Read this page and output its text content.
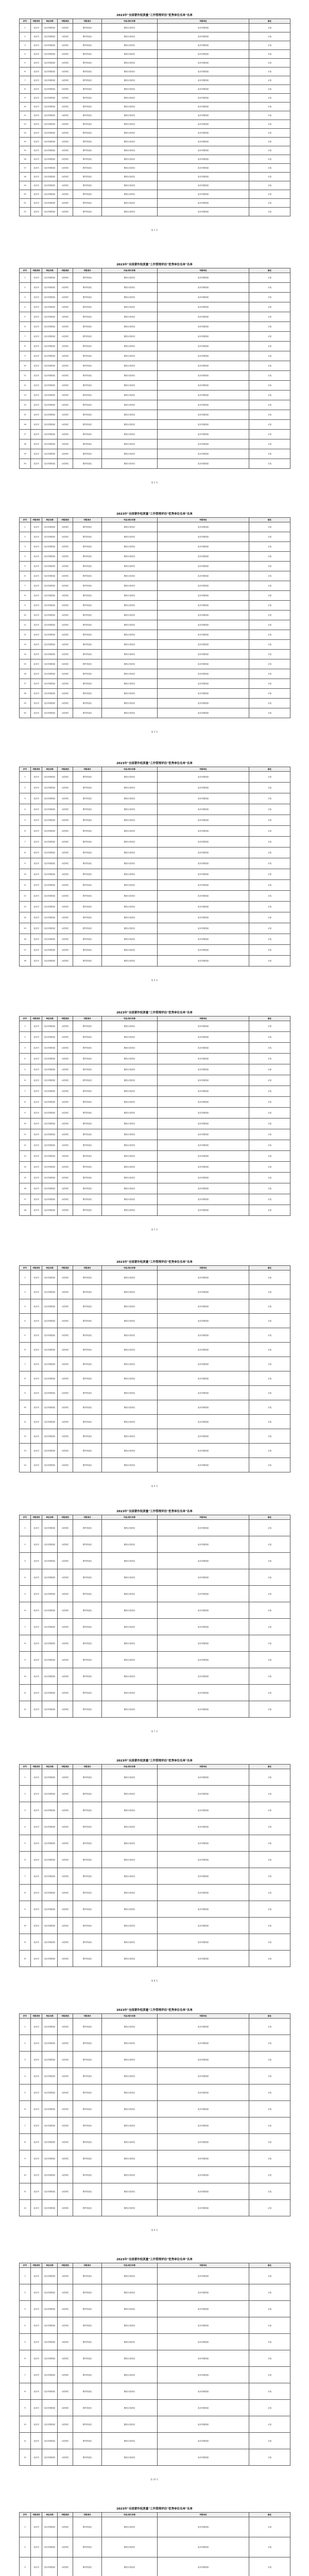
2023年"全国著作权质量"工作管理评估"优秀单位名单"名单
序号	申报省份	单位名称	申报类别	申报项目	作品/项目名称	申报单位	备注
1	北京市	北京市版权局	示范单位	著作权登记	版权示范项目	北京市版权局	示范
2	北京市	北京市版权局	示范单位	著作权登记	版权示范项目	北京市版权局	示范
3	北京市	北京市版权局	示范单位	著作权登记	版权示范项目	北京市版权局	示范
4	北京市	北京市版权局	示范单位	著作权登记	版权示范项目	北京市版权局	示范
5	北京市	北京市版权局	示范单位	著作权登记	版权示范项目	北京市版权局	示范
6	北京市	北京市版权局	示范单位	著作权登记	版权示范项目	北京市版权局	示范
7	北京市	北京市版权局	示范单位	著作权登记	版权示范项目	北京市版权局	示范
8	北京市	北京市版权局	示范单位	著作权登记	版权示范项目	北京市版权局	示范
9	北京市	北京市版权局	示范单位	著作权登记	版权示范项目	北京市版权局	示范
10	北京市	北京市版权局	示范单位	著作权登记	版权示范项目	北京市版权局	示范
11	北京市	北京市版权局	示范单位	著作权登记	版权示范项目	北京市版权局	示范
12	北京市	北京市版权局	示范单位	著作权登记	版权示范项目	北京市版权局	示范
13	北京市	北京市版权局	示范单位	著作权登记	版权示范项目	北京市版权局	示范
14	北京市	北京市版权局	示范单位	著作权登记	版权示范项目	北京市版权局	示范
15	北京市	北京市版权局	示范单位	著作权登记	版权示范项目	北京市版权局	示范
16	北京市	北京市版权局	示范单位	著作权登记	版权示范项目	北京市版权局	示范
17	北京市	北京市版权局	示范单位	著作权登记	版权示范项目	北京市版权局	示范
18	北京市	北京市版权局	示范单位	著作权登记	版权示范项目	北京市版权局	示范
19	北京市	北京市版权局	示范单位	著作权登记	版权示范项目	北京市版权局	示范
20	北京市	北京市版权局	示范单位	著作权登记	版权示范项目	北京市版权局	示范
21	北京市	北京市版权局	示范单位	著作权登记	版权示范项目	北京市版权局	示范
22	北京市	北京市版权局	示范单位	著作权登记	版权示范项目	北京市版权局	示范
第 1 页
2023年"全国著作权质量"工作管理评估"优秀单位名单"名单
序号	申报省份	单位名称	申报类别	申报项目	作品/项目名称	申报单位	备注
1	北京市	北京市版权局	示范单位	著作权登记	版权示范项目	北京市版权局	示范
2	北京市	北京市版权局	示范单位	著作权登记	版权示范项目	北京市版权局	示范
3	北京市	北京市版权局	示范单位	著作权登记	版权示范项目	北京市版权局	示范
4	北京市	北京市版权局	示范单位	著作权登记	版权示范项目	北京市版权局	示范
5	北京市	北京市版权局	示范单位	著作权登记	版权示范项目	北京市版权局	示范
6	北京市	北京市版权局	示范单位	著作权登记	版权示范项目	北京市版权局	示范
7	北京市	北京市版权局	示范单位	著作权登记	版权示范项目	北京市版权局	示范
8	北京市	北京市版权局	示范单位	著作权登记	版权示范项目	北京市版权局	示范
9	北京市	北京市版权局	示范单位	著作权登记	版权示范项目	北京市版权局	示范
10	北京市	北京市版权局	示范单位	著作权登记	版权示范项目	北京市版权局	示范
11	北京市	北京市版权局	示范单位	著作权登记	版权示范项目	北京市版权局	示范
12	北京市	北京市版权局	示范单位	著作权登记	版权示范项目	北京市版权局	示范
13	北京市	北京市版权局	示范单位	著作权登记	版权示范项目	北京市版权局	示范
14	北京市	北京市版权局	示范单位	著作权登记	版权示范项目	北京市版权局	示范
15	北京市	北京市版权局	示范单位	著作权登记	版权示范项目	北京市版权局	示范
16	北京市	北京市版权局	示范单位	著作权登记	版权示范项目	北京市版权局	示范
17	北京市	北京市版权局	示范单位	著作权登记	版权示范项目	北京市版权局	示范
18	北京市	北京市版权局	示范单位	著作权登记	版权示范项目	北京市版权局	示范
19	北京市	北京市版权局	示范单位	著作权登记	版权示范项目	北京市版权局	示范
20	北京市	北京市版权局	示范单位	著作权登记	版权示范项目	北京市版权局	示范
第 2 页
2023年"全国著作权质量"工作管理评估"优秀单位名单"名单
序号	申报省份	单位名称	申报类别	申报项目	作品/项目名称	申报单位	备注
1	北京市	北京市版权局	示范单位	著作权登记	版权示范项目	北京市版权局	示范
2	北京市	北京市版权局	示范单位	著作权登记	版权示范项目	北京市版权局	示范
3	北京市	北京市版权局	示范单位	著作权登记	版权示范项目	北京市版权局	示范
4	北京市	北京市版权局	示范单位	著作权登记	版权示范项目	北京市版权局	示范
5	北京市	北京市版权局	示范单位	著作权登记	版权示范项目	北京市版权局	示范
6	北京市	北京市版权局	示范单位	著作权登记	版权示范项目	北京市版权局	示范
7	北京市	北京市版权局	示范单位	著作权登记	版权示范项目	北京市版权局	示范
8	北京市	北京市版权局	示范单位	著作权登记	版权示范项目	北京市版权局	示范
9	北京市	北京市版权局	示范单位	著作权登记	版权示范项目	北京市版权局	示范
10	北京市	北京市版权局	示范单位	著作权登记	版权示范项目	北京市版权局	示范
11	北京市	北京市版权局	示范单位	著作权登记	版权示范项目	北京市版权局	示范
12	北京市	北京市版权局	示范单位	著作权登记	版权示范项目	北京市版权局	示范
13	北京市	北京市版权局	示范单位	著作权登记	版权示范项目	北京市版权局	示范
14	北京市	北京市版权局	示范单位	著作权登记	版权示范项目	北京市版权局	示范
15	北京市	北京市版权局	示范单位	著作权登记	版权示范项目	北京市版权局	示范
16	北京市	北京市版权局	示范单位	著作权登记	版权示范项目	北京市版权局	示范
17	北京市	北京市版权局	示范单位	著作权登记	版权示范项目	北京市版权局	示范
18	北京市	北京市版权局	示范单位	著作权登记	版权示范项目	北京市版权局	示范
19	北京市	北京市版权局	示范单位	著作权登记	版权示范项目	北京市版权局	示范
20	北京市	北京市版权局	示范单位	著作权登记	版权示范项目	北京市版权局	示范
第 3 页
2023年"全国著作权质量"工作管理评估"优秀单位名单"名单
序号	申报省份	单位名称	申报类别	申报项目	作品/项目名称	申报单位	备注
1	北京市	北京市版权局	示范单位	著作权登记	版权示范项目	北京市版权局	示范
2	北京市	北京市版权局	示范单位	著作权登记	版权示范项目	北京市版权局	示范
3	北京市	北京市版权局	示范单位	著作权登记	版权示范项目	北京市版权局	示范
4	北京市	北京市版权局	示范单位	著作权登记	版权示范项目	北京市版权局	示范
5	北京市	北京市版权局	示范单位	著作权登记	版权示范项目	北京市版权局	示范
6	北京市	北京市版权局	示范单位	著作权登记	版权示范项目	北京市版权局	示范
7	北京市	北京市版权局	示范单位	著作权登记	版权示范项目	北京市版权局	示范
8	北京市	北京市版权局	示范单位	著作权登记	版权示范项目	北京市版权局	示范
9	北京市	北京市版权局	示范单位	著作权登记	版权示范项目	北京市版权局	示范
10	北京市	北京市版权局	示范单位	著作权登记	版权示范项目	北京市版权局	示范
11	北京市	北京市版权局	示范单位	著作权登记	版权示范项目	北京市版权局	示范
12	北京市	北京市版权局	示范单位	著作权登记	版权示范项目	北京市版权局	示范
13	北京市	北京市版权局	示范单位	著作权登记	版权示范项目	北京市版权局	示范
14	北京市	北京市版权局	示范单位	著作权登记	版权示范项目	北京市版权局	示范
15	北京市	北京市版权局	示范单位	著作权登记	版权示范项目	北京市版权局	示范
16	北京市	北京市版权局	示范单位	著作权登记	版权示范项目	北京市版权局	示范
17	北京市	北京市版权局	示范单位	著作权登记	版权示范项目	北京市版权局	示范
18	北京市	北京市版权局	示范单位	著作权登记	版权示范项目	北京市版权局	示范
第 4 页
2023年"全国著作权质量"工作管理评估"优秀单位名单"名单
序号	申报省份	单位名称	申报类别	申报项目	作品/项目名称	申报单位	备注
1	北京市	北京市版权局	示范单位	著作权登记	版权示范项目	北京市版权局	示范
2	北京市	北京市版权局	示范单位	著作权登记	版权示范项目	北京市版权局	示范
3	北京市	北京市版权局	示范单位	著作权登记	版权示范项目	北京市版权局	示范
4	北京市	北京市版权局	示范单位	著作权登记	版权示范项目	北京市版权局	示范
5	北京市	北京市版权局	示范单位	著作权登记	版权示范项目	北京市版权局	示范
6	北京市	北京市版权局	示范单位	著作权登记	版权示范项目	北京市版权局	示范
7	北京市	北京市版权局	示范单位	著作权登记	版权示范项目	北京市版权局	示范
8	北京市	北京市版权局	示范单位	著作权登记	版权示范项目	北京市版权局	示范
9	北京市	北京市版权局	示范单位	著作权登记	版权示范项目	北京市版权局	示范
10	北京市	北京市版权局	示范单位	著作权登记	版权示范项目	北京市版权局	示范
11	北京市	北京市版权局	示范单位	著作权登记	版权示范项目	北京市版权局	示范
12	北京市	北京市版权局	示范单位	著作权登记	版权示范项目	北京市版权局	示范
13	北京市	北京市版权局	示范单位	著作权登记	版权示范项目	北京市版权局	示范
14	北京市	北京市版权局	示范单位	著作权登记	版权示范项目	北京市版权局	示范
15	北京市	北京市版权局	示范单位	著作权登记	版权示范项目	北京市版权局	示范
16	北京市	北京市版权局	示范单位	著作权登记	版权示范项目	北京市版权局	示范
17	北京市	北京市版权局	示范单位	著作权登记	版权示范项目	北京市版权局	示范
18	北京市	北京市版权局	示范单位	著作权登记	版权示范项目	北京市版权局	示范
第 5 页
2023年"全国著作权质量"工作管理评估"优秀单位名单"名单
序号	申报省份	单位名称	申报类别	申报项目	作品/项目名称	申报单位	备注
1	北京市	北京市版权局	示范单位	著作权登记	版权示范项目	北京市版权局	示范
2	北京市	北京市版权局	示范单位	著作权登记	版权示范项目	北京市版权局	示范
3	北京市	北京市版权局	示范单位	著作权登记	版权示范项目	北京市版权局	示范
4	北京市	北京市版权局	示范单位	著作权登记	版权示范项目	北京市版权局	示范
5	北京市	北京市版权局	示范单位	著作权登记	版权示范项目	北京市版权局	示范
6	北京市	北京市版权局	示范单位	著作权登记	版权示范项目	北京市版权局	示范
7	北京市	北京市版权局	示范单位	著作权登记	版权示范项目	北京市版权局	示范
8	北京市	北京市版权局	示范单位	著作权登记	版权示范项目	北京市版权局	示范
9	北京市	北京市版权局	示范单位	著作权登记	版权示范项目	北京市版权局	示范
10	北京市	北京市版权局	示范单位	著作权登记	版权示范项目	北京市版权局	示范
11	北京市	北京市版权局	示范单位	著作权登记	版权示范项目	北京市版权局	示范
12	北京市	北京市版权局	示范单位	著作权登记	版权示范项目	北京市版权局	示范
13	北京市	北京市版权局	示范单位	著作权登记	版权示范项目	北京市版权局	示范
14	北京市	北京市版权局	示范单位	著作权登记	版权示范项目	北京市版权局	示范
第 6 页
2023年"全国著作权质量"工作管理评估"优秀单位名单"名单
序号	申报省份	单位名称	申报类别	申报项目	作品/项目名称	申报单位	备注
1	北京市	北京市版权局	示范单位	著作权登记	版权示范项目	北京市版权局	示范
2	北京市	北京市版权局	示范单位	著作权登记	版权示范项目	北京市版权局	示范
3	北京市	北京市版权局	示范单位	著作权登记	版权示范项目	北京市版权局	示范
4	北京市	北京市版权局	示范单位	著作权登记	版权示范项目	北京市版权局	示范
5	北京市	北京市版权局	示范单位	著作权登记	版权示范项目	北京市版权局	示范
6	北京市	北京市版权局	示范单位	著作权登记	版权示范项目	北京市版权局	示范
7	北京市	北京市版权局	示范单位	著作权登记	版权示范项目	北京市版权局	示范
8	北京市	北京市版权局	示范单位	著作权登记	版权示范项目	北京市版权局	示范
9	北京市	北京市版权局	示范单位	著作权登记	版权示范项目	北京市版权局	示范
10	北京市	北京市版权局	示范单位	著作权登记	版权示范项目	北京市版权局	示范
11	北京市	北京市版权局	示范单位	著作权登记	版权示范项目	北京市版权局	示范
12	北京市	北京市版权局	示范单位	著作权登记	版权示范项目	北京市版权局	示范
第 7 页
2023年"全国著作权质量"工作管理评估"优秀单位名单"名单
序号	申报省份	单位名称	申报类别	申报项目	作品/项目名称	申报单位	备注
1	北京市	北京市版权局	示范单位	著作权登记	版权示范项目	北京市版权局	示范
2	北京市	北京市版权局	示范单位	著作权登记	版权示范项目	北京市版权局	示范
3	北京市	北京市版权局	示范单位	著作权登记	版权示范项目	北京市版权局	示范
4	北京市	北京市版权局	示范单位	著作权登记	版权示范项目	北京市版权局	示范
5	北京市	北京市版权局	示范单位	著作权登记	版权示范项目	北京市版权局	示范
6	北京市	北京市版权局	示范单位	著作权登记	版权示范项目	北京市版权局	示范
7	北京市	北京市版权局	示范单位	著作权登记	版权示范项目	北京市版权局	示范
8	北京市	北京市版权局	示范单位	著作权登记	版权示范项目	北京市版权局	示范
9	北京市	北京市版权局	示范单位	著作权登记	版权示范项目	北京市版权局	示范
10	北京市	北京市版权局	示范单位	著作权登记	版权示范项目	北京市版权局	示范
11	北京市	北京市版权局	示范单位	著作权登记	版权示范项目	北京市版权局	示范
12	北京市	北京市版权局	示范单位	著作权登记	版权示范项目	北京市版权局	示范
第 8 页
2023年"全国著作权质量"工作管理评估"优秀单位名单"名单
序号	申报省份	单位名称	申报类别	申报项目	作品/项目名称	申报单位	备注
1	北京市	北京市版权局	示范单位	著作权登记	版权示范项目	北京市版权局	示范
2	北京市	北京市版权局	示范单位	著作权登记	版权示范项目	北京市版权局	示范
3	北京市	北京市版权局	示范单位	著作权登记	版权示范项目	北京市版权局	示范
4	北京市	北京市版权局	示范单位	著作权登记	版权示范项目	北京市版权局	示范
5	北京市	北京市版权局	示范单位	著作权登记	版权示范项目	北京市版权局	示范
6	北京市	北京市版权局	示范单位	著作权登记	版权示范项目	北京市版权局	示范
7	北京市	北京市版权局	示范单位	著作权登记	版权示范项目	北京市版权局	示范
8	北京市	北京市版权局	示范单位	著作权登记	版权示范项目	北京市版权局	示范
9	北京市	北京市版权局	示范单位	著作权登记	版权示范项目	北京市版权局	示范
10	北京市	北京市版权局	示范单位	著作权登记	版权示范项目	北京市版权局	示范
11	北京市	北京市版权局	示范单位	著作权登记	版权示范项目	北京市版权局	示范
12	北京市	北京市版权局	示范单位	著作权登记	版权示范项目	北京市版权局	示范
第 9 页
2023年"全国著作权质量"工作管理评估"优秀单位名单"名单
序号	申报省份	单位名称	申报类别	申报项目	作品/项目名称	申报单位	备注
1	北京市	北京市版权局	示范单位	著作权登记	版权示范项目	北京市版权局	示范
2	北京市	北京市版权局	示范单位	著作权登记	版权示范项目	北京市版权局	示范
3	北京市	北京市版权局	示范单位	著作权登记	版权示范项目	北京市版权局	示范
4	北京市	北京市版权局	示范单位	著作权登记	版权示范项目	北京市版权局	示范
5	北京市	北京市版权局	示范单位	著作权登记	版权示范项目	北京市版权局	示范
6	北京市	北京市版权局	示范单位	著作权登记	版权示范项目	北京市版权局	示范
7	北京市	北京市版权局	示范单位	著作权登记	版权示范项目	北京市版权局	示范
8	北京市	北京市版权局	示范单位	著作权登记	版权示范项目	北京市版权局	示范
9	北京市	北京市版权局	示范单位	著作权登记	版权示范项目	北京市版权局	示范
10	北京市	北京市版权局	示范单位	著作权登记	版权示范项目	北京市版权局	示范
11	北京市	北京市版权局	示范单位	著作权登记	版权示范项目	北京市版权局	示范
12	北京市	北京市版权局	示范单位	著作权登记	版权示范项目	北京市版权局	示范
第 10 页
2023年"全国著作权质量"工作管理评估"优秀单位名单"名单
序号	申报省份	单位名称	申报类别	申报项目	作品/项目名称	申报单位	备注
1	北京市	北京市版权局	示范单位	著作权登记	版权示范项目	北京市版权局	示范
2	北京市	北京市版权局	示范单位	著作权登记	版权示范项目	北京市版权局	示范
3	北京市	北京市版权局	示范单位	著作权登记	版权示范项目	北京市版权局	示范
